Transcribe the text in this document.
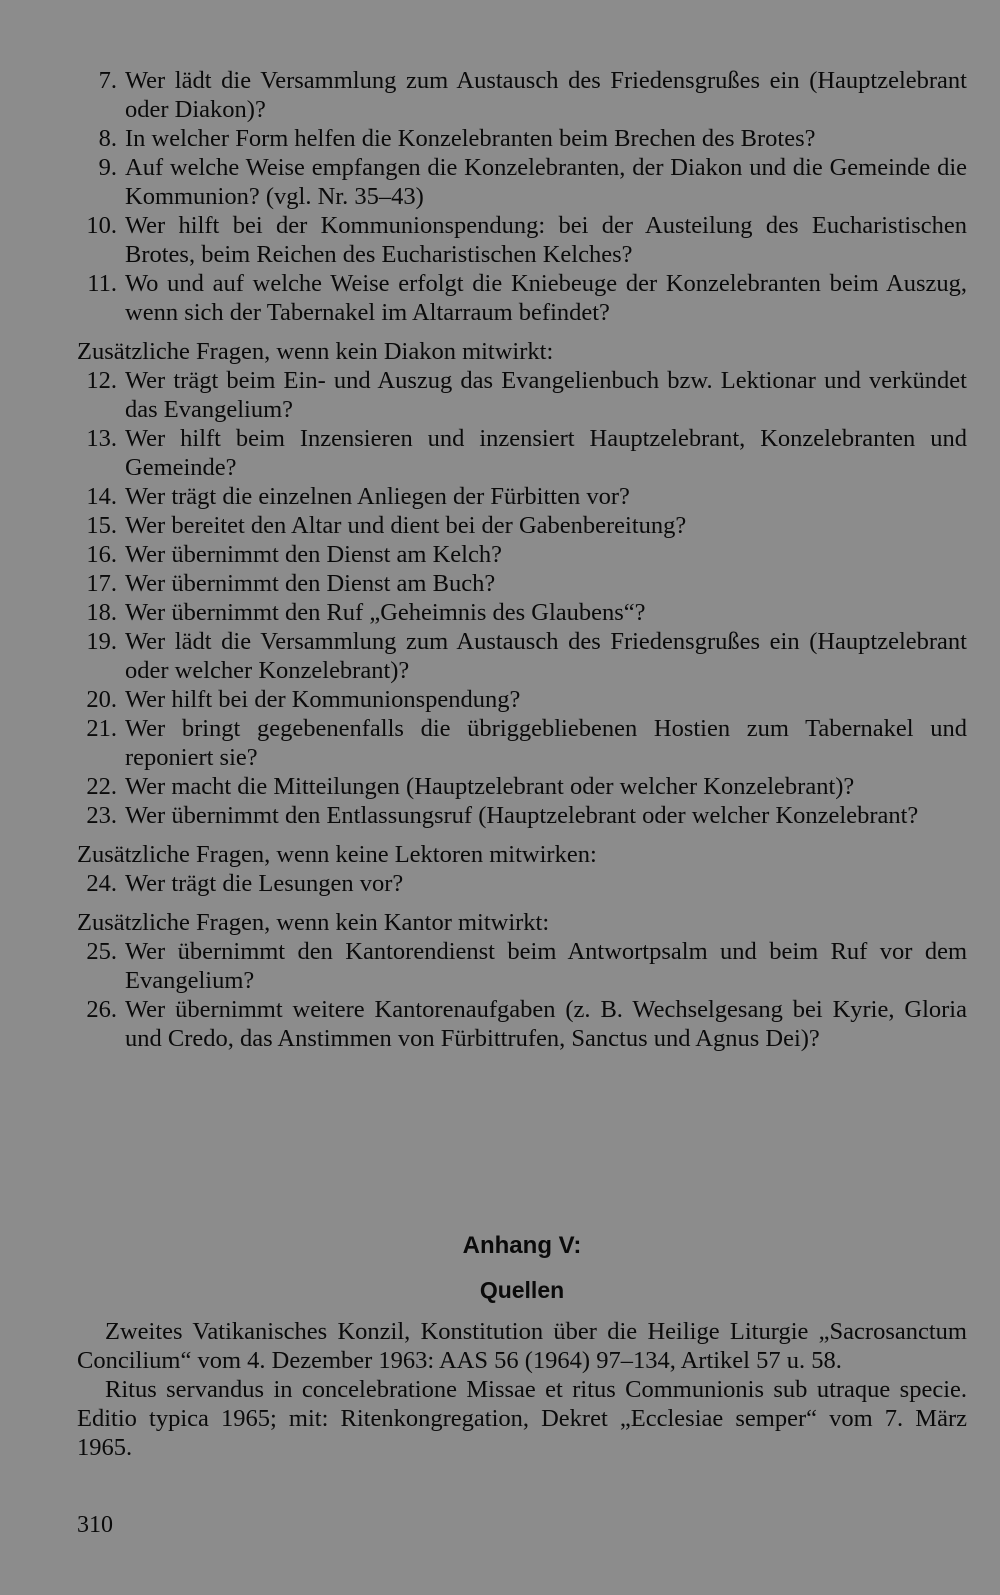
7. Wer lädt die Versammlung zum Austausch des Friedensgrußes ein (Hauptzelebrant oder Diakon)?
8. In welcher Form helfen die Konzelebranten beim Brechen des Brotes?
9. Auf welche Weise empfangen die Konzelebranten, der Diakon und die Gemeinde die Kommunion? (vgl. Nr. 35–43)
10. Wer hilft bei der Kommunionspendung: bei der Austeilung des Eucharistischen Brotes, beim Reichen des Eucharistischen Kelches?
11. Wo und auf welche Weise erfolgt die Kniebeuge der Konzelebranten beim Auszug, wenn sich der Tabernakel im Altarraum befindet?
Zusätzliche Fragen, wenn kein Diakon mitwirkt:
12. Wer trägt beim Ein- und Auszug das Evangelienbuch bzw. Lektionar und verkündet das Evangelium?
13. Wer hilft beim Inzensieren und inzensiert Hauptzelebrant, Konzelebranten und Gemeinde?
14. Wer trägt die einzelnen Anliegen der Fürbitten vor?
15. Wer bereitet den Altar und dient bei der Gabenbereitung?
16. Wer übernimmt den Dienst am Kelch?
17. Wer übernimmt den Dienst am Buch?
18. Wer übernimmt den Ruf „Geheimnis des Glaubens“?
19. Wer lädt die Versammlung zum Austausch des Friedensgrußes ein (Hauptzelebrant oder welcher Konzelebrant)?
20. Wer hilft bei der Kommunionspendung?
21. Wer bringt gegebenenfalls die übriggebliebenen Hostien zum Tabernakel und reponiert sie?
22. Wer macht die Mitteilungen (Hauptzelebrant oder welcher Konzelebrant)?
23. Wer übernimmt den Entlassungsruf (Hauptzelebrant oder welcher Konzelebrant?
Zusätzliche Fragen, wenn keine Lektoren mitwirken:
24. Wer trägt die Lesungen vor?
Zusätzliche Fragen, wenn kein Kantor mitwirkt:
25. Wer übernimmt den Kantorendienst beim Antwortpsalm und beim Ruf vor dem Evangelium?
26. Wer übernimmt weitere Kantorenaufgaben (z. B. Wechselgesang bei Kyrie, Gloria und Credo, das Anstimmen von Fürbittrufen, Sanctus und Agnus Dei)?
Anhang V:
Quellen
Zweites Vatikanisches Konzil, Konstitution über die Heilige Liturgie „Sacrosanctum Concilium“ vom 4. Dezember 1963: AAS 56 (1964) 97–134, Artikel 57 u. 58.
Ritus servandus in concelebratione Missae et ritus Communionis sub utraque specie. Editio typica 1965; mit: Ritenkongregation, Dekret „Ecclesiae semper“ vom 7. März 1965.
310
